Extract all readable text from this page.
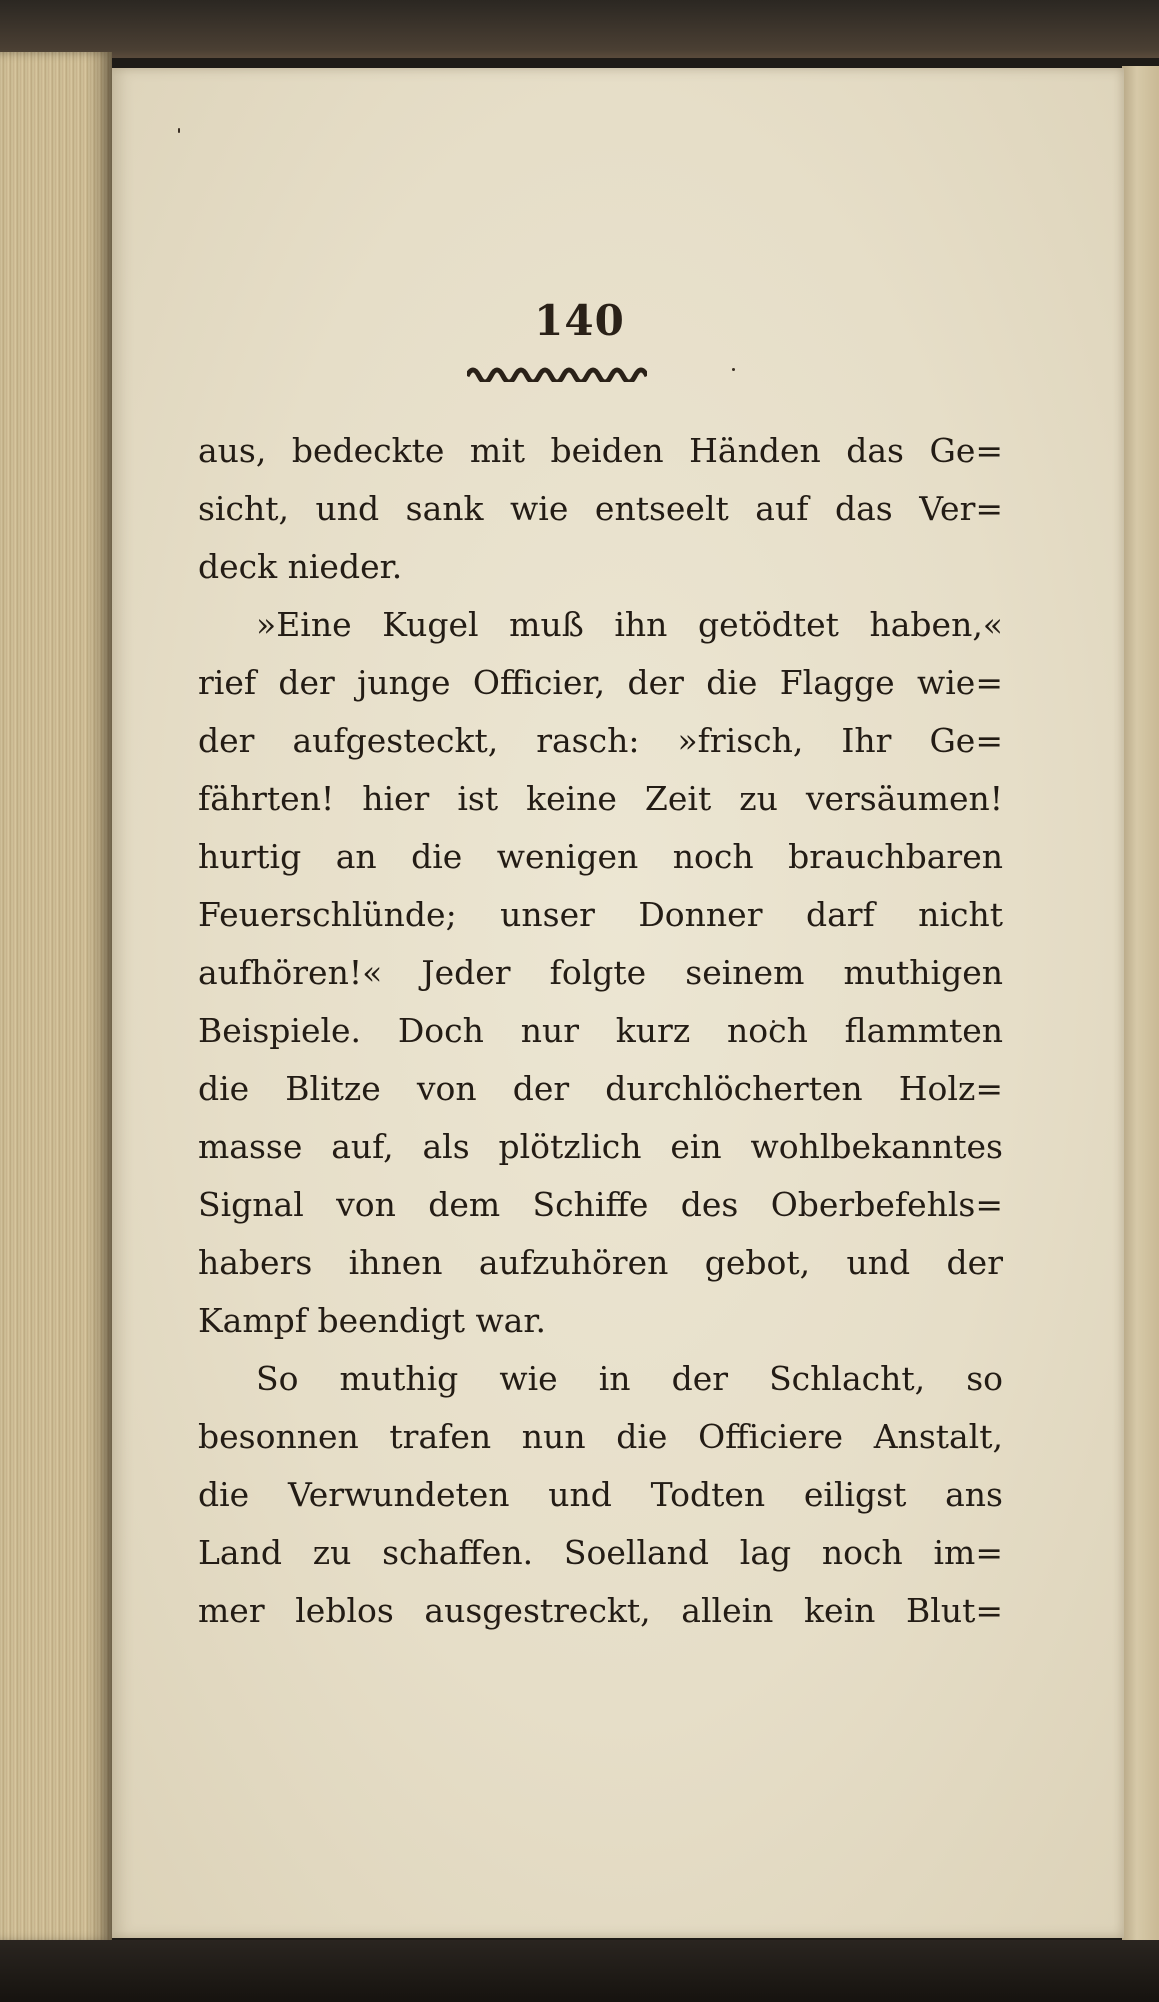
140
aus, bedeckte mit beiden Händen das Ge=
sicht, und sank wie entseelt auf das Ver=
deck nieder.
»Eine Kugel muß ihn getödtet haben,«
rief der junge Officier, der die Flagge wie=
der aufgesteckt, rasch: »frisch, Ihr Ge=
fährten! hier ist keine Zeit zu versäumen!
hurtig an die wenigen noch brauchbaren
Feuerschlünde; unser Donner darf nicht
aufhören!« Jeder folgte seinem muthigen
Beispiele. Doch nur kurz noch flammten
die Blitze von der durchlöcherten Holz=
masse auf, als plötzlich ein wohlbekanntes
Signal von dem Schiffe des Oberbefehls=
habers ihnen aufzuhören gebot, und der
Kampf beendigt war.
So muthig wie in der Schlacht, so
besonnen trafen nun die Officiere Anstalt,
die Verwundeten und Todten eiligst ans
Land zu schaffen. Soelland lag noch im=
mer leblos ausgestreckt, allein kein Blut=
